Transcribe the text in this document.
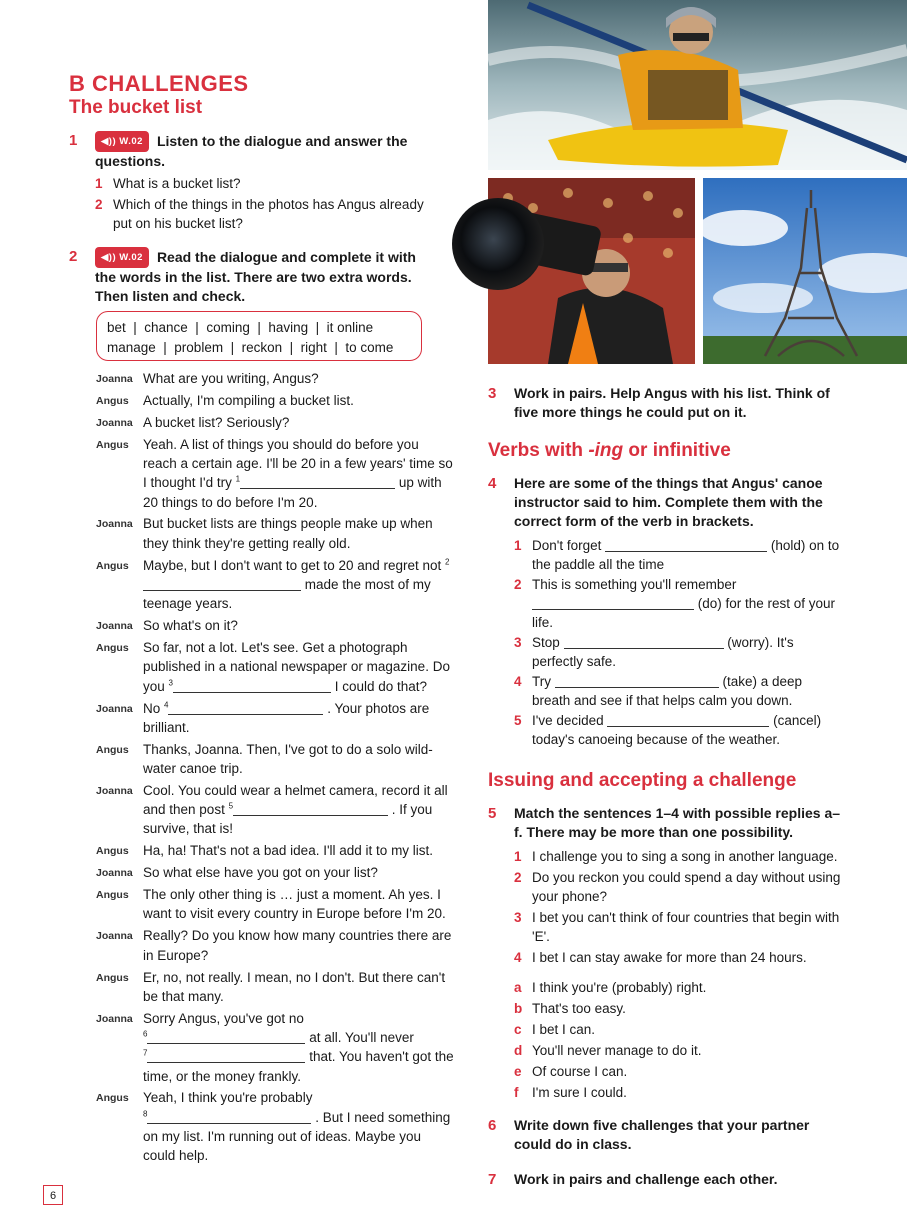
B CHALLENGES
The bucket list
1	◀)) W.02 Listen to the dialogue and answer the questions.
1 What is a bucket list?
2 Which of the things in the photos has Angus already put on his bucket list?
2	◀)) W.02 Read the dialogue and complete it with the words in the list. There are two extra words. Then listen and check.
bet  |  chance  |  coming  |  having  |  it online
manage  |  problem  |  reckon  |  right  |  to come
Joanna What are you writing, Angus?
Angus Actually, I'm compiling a bucket list.
Joanna A bucket list? Seriously?
Angus Yeah. A list of things you should do before you reach a certain age. I'll be 20 in a few years' time so I thought I'd try $^1$	up with 20 things to do before I'm 20.
Joanna But bucket lists are things people make up when they think they're getting really old.
Angus Maybe, but I don't want to get to 20 and regret not $^2$ made the most of my teenage years.
Joanna So what's on it?
Angus So far, not a lot. Let's see. Get a photograph published in a national newspaper or magazine. Do you $^3$	I could do that?
Joanna No $^4$	. Your photos are brilliant.
Angus Thanks, Joanna. Then, I've got to do a solo wild-water canoe trip.
Joanna Cool. You could wear a helmet camera, record it all and then post $^5$	. If you survive, that is!
Angus Ha, ha! That's not a bad idea. I'll add it to my list.
Joanna So what else have you got on your list?
Angus The only other thing is … just a moment. Ah yes. I want to visit every country in Europe before I'm 20.
Joanna Really? Do you know how many countries there are in Europe?
Angus Er, no, not really. I mean, no I don't. But there can't be that many.
Joanna Sorry Angus, you've got no
$^6$	at all. You'll never
$^7$	that. You haven't got the time, or the money frankly.
Angus Yeah, I think you're probably
$^8$	. But I need something on my list. I'm running out of ideas. Maybe you could help.
6
3	Work in pairs. Help Angus with his list. Think of five more things he could put on it.
Verbs with -ing or infinitive
4	Here are some of the things that Angus' canoe instructor said to him. Complete them with the correct form of the verb in brackets.
1 Don't forget	(hold) on to the paddle all the time
2 This is something you'll remember  (do) for the rest of your life.
3 Stop	(worry). It's perfectly safe.
4 Try	(take) a deep breath and see if that helps calm you down.
5 I've decided	(cancel) today's canoeing because of the weather.
Issuing and accepting a challenge
5	Match the sentences 1–4 with possible replies a–f. There may be more than one possibility.
1 I challenge you to sing a song in another language.
2 Do you reckon you could spend a day without using your phone?
3 I bet you can't think of four countries that begin with 'E'.
4 I bet I can stay awake for more than 24 hours.
a I think you're (probably) right.
b That's too easy.
c I bet I can.
d You'll never manage to do it.
e Of course I can.
f I'm sure I could.
6	Write down five challenges that your partner could do in class.
7	Work in pairs and challenge each other.
